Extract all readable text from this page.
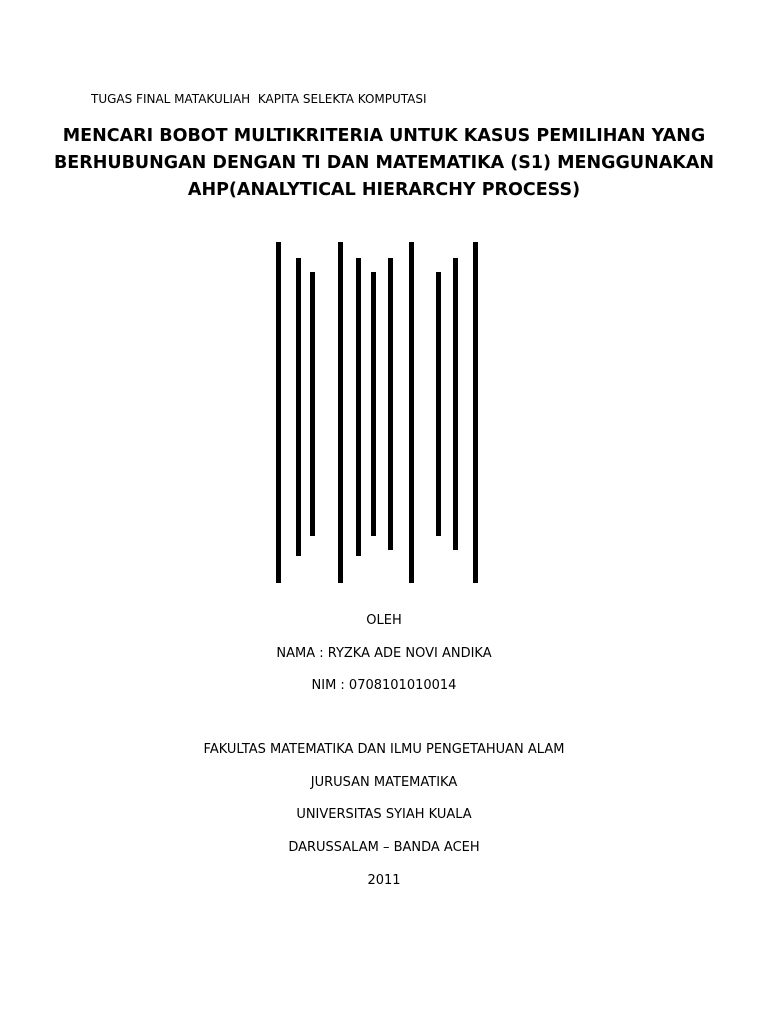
TUGAS FINAL MATAKULIAH  KAPITA SELEKTA KOMPUTASI
MENCARI BOBOT MULTIKRITERIA UNTUK KASUS PEMILIHAN YANG
BERHUBUNGAN DENGAN TI DAN MATEMATIKA (S1) MENGGUNAKAN
AHP(ANALYTICAL HIERARCHY PROCESS)
OLEH
NAMA : RYZKA ADE NOVI ANDIKA
NIM : 0708101010014
FAKULTAS MATEMATIKA DAN ILMU PENGETAHUAN ALAM
JURUSAN MATEMATIKA
UNIVERSITAS SYIAH KUALA
DARUSSALAM – BANDA ACEH
2011
